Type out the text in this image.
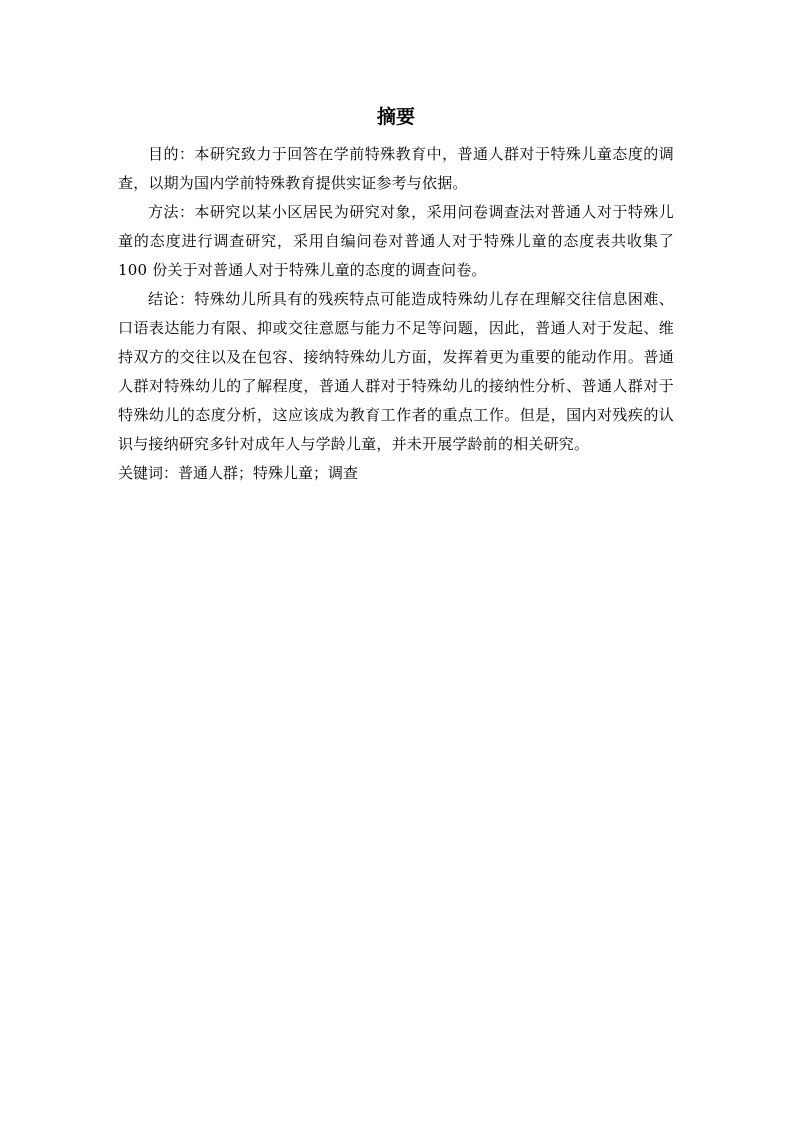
摘要

目的：本研究致力于回答在学前特殊教育中，普通人群对于特殊儿童态度的调查，以期为国内学前特殊教育提供实证参考与依据。

方法：本研究以某小区居民为研究对象，采用问卷调查法对普通人对于特殊儿童的态度进行调查研究，采用自编问卷对普通人对于特殊儿童的态度表共收集了 100 份关于对普通人对于特殊儿童的态度的调查问卷。

结论：特殊幼儿所具有的残疾特点可能造成特殊幼儿存在理解交往信息困难、口语表达能力有限、抑或交往意愿与能力不足等问题，因此，普通人对于发起、维持双方的交往以及在包容、接纳特殊幼儿方面，发挥着更为重要的能动作用。普通人群对特殊幼儿的了解程度，普通人群对于特殊幼儿的接纳性分析、普通人群对于特殊幼儿的态度分析，这应该成为教育工作者的重点工作。但是，国内对残疾的认识与接纳研究多针对成年人与学龄儿童，并未开展学龄前的相关研究。

关键词：普通人群；特殊儿童；调查
